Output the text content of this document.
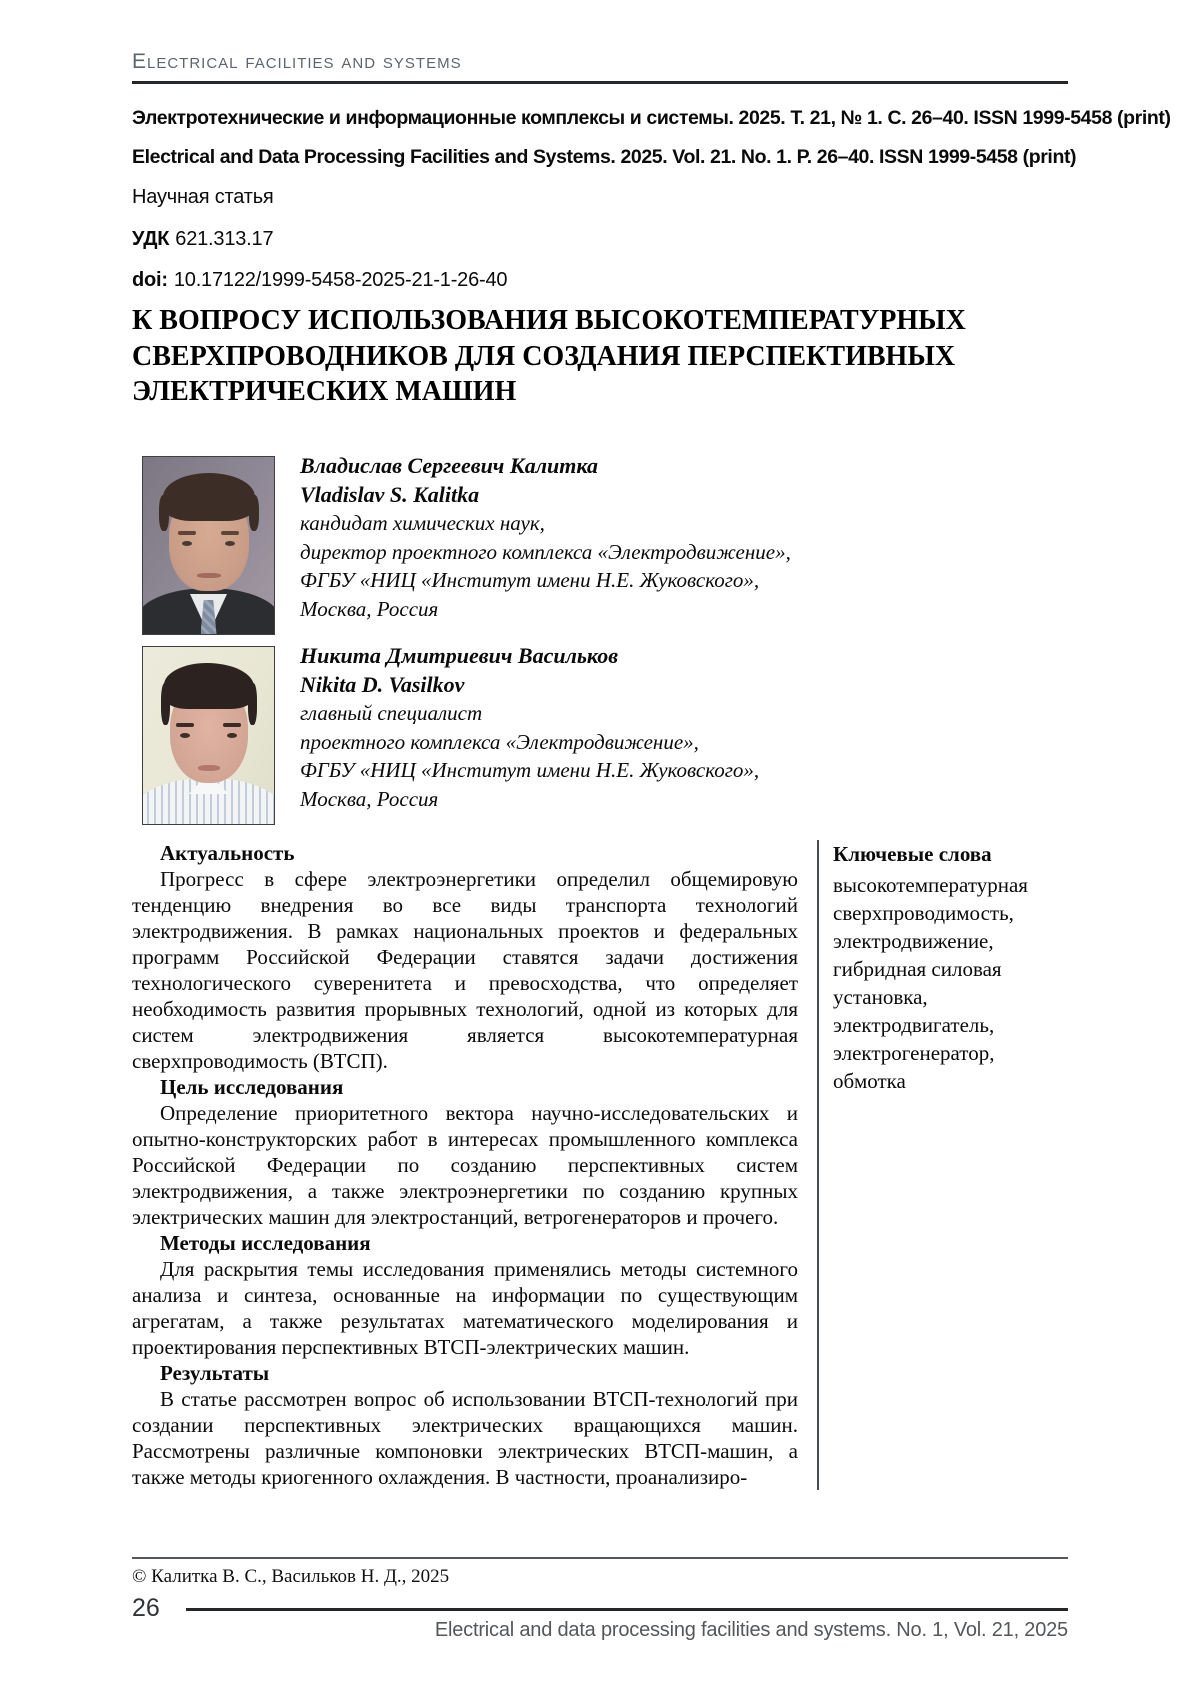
Electrical facilities and systems
Электротехнические и информационные комплексы и системы. 2025. Т. 21, № 1. С. 26–40. ISSN 1999-5458 (print)
Electrical and Data Processing Facilities and Systems. 2025. Vol. 21. No. 1. P. 26–40. ISSN 1999-5458 (print)
Научная статья
УДК 621.313.17
doi: 10.17122/1999-5458-2025-21-1-26-40
К ВОПРОСУ ИСПОЛЬЗОВАНИЯ ВЫСОКОТЕМПЕРАТУРНЫХ
СВЕРХПРОВОДНИКОВ ДЛЯ СОЗДАНИЯ ПЕРСПЕКТИВНЫХ
ЭЛЕКТРИЧЕСКИХ МАШИН
Владислав Сергеевич Калитка
Vladislav S. Kalitka
кандидат химических наук,
директор проектного комплекса «Электродвижение»,
ФГБУ «НИЦ «Институт имени Н.Е. Жуковского»,
Москва, Россия
Никита Дмитриевич Васильков
Nikita D. Vasilkov
главный специалист
проектного комплекса «Электродвижение»,
ФГБУ «НИЦ «Институт имени Н.Е. Жуковского»,
Москва, Россия
Актуальность

Прогресс в сфере электроэнергетики определил общемировую тенденцию внедрения во все виды транспорта технологий электродвижения. В рамках национальных проектов и федеральных программ Российской Федерации ставятся задачи достижения технологического суверенитета и превосходства, что определяет необходимость развития прорывных технологий, одной из которых для систем электродвижения является высокотемпературная сверхпроводимость (ВТСП).

Цель исследования

Определение приоритетного вектора научно-исследовательских и опытно-конструкторских работ в интересах промышленного комплекса Российской Федерации по созданию перспективных систем электродвижения, а также электроэнергетики по созданию крупных электрических машин для электростанций, ветрогенераторов и прочего.

Методы исследования

Для раскрытия темы исследования применялись методы системного анализа и синтеза, основанные на информации по существующим агрегатам, а также результатах математического моделирования и проектирования перспективных ВТСП-электрических машин.

Результаты

В статье рассмотрен вопрос об использовании ВТСП-технологий при создании перспективных электрических вращающихся машин. Рассмотрены различные компоновки электрических ВТСП-машин, а также методы криогенного охлаждения. В частности, проанализиро-

Ключевые слова
высокотемпературная сверхпроводимость, электродвижение, гибридная силовая установка, электродвигатель, электрогенератор, обмотка
© Калитка В. С., Васильков Н. Д., 2025
26
Electrical and data processing facilities and systems. No. 1, Vol. 21, 2025
